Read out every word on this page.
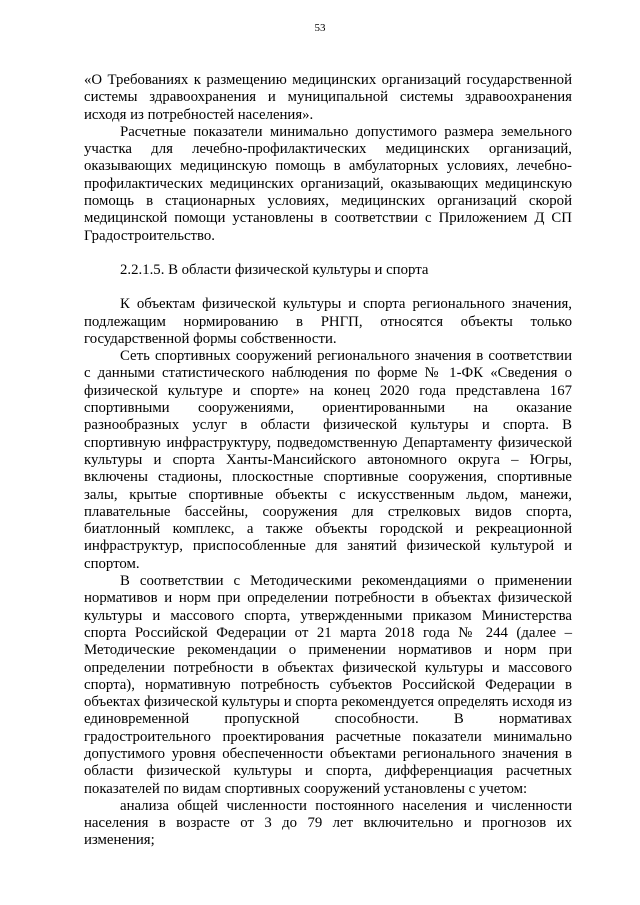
53

«О Требованиях к размещению медицинских организаций государственной системы здравоохранения и муниципальной системы здравоохранения исходя из потребностей населения».

Расчетные показатели минимально допустимого размера земельного участка для лечебно-профилактических медицинских организаций, оказывающих медицинскую помощь в амбулаторных условиях, лечебно-профилактических медицинских организаций, оказывающих медицинскую помощь в стационарных условиях, медицинских организаций скорой медицинской помощи установлены в соответствии с Приложением Д СП Градостроительство.

2.2.1.5. В области физической культуры и спорта

К объектам физической культуры и спорта регионального значения, подлежащим нормированию в РНГП, относятся объекты только государственной формы собственности.

Сеть спортивных сооружений регионального значения в соответствии с данными статистического наблюдения по форме № 1-ФК «Сведения о физической культуре и спорте» на конец 2020 года представлена 167 спортивными сооружениями, ориентированными на оказание разнообразных услуг в области физической культуры и спорта. В спортивную инфраструктуру, подведомственную Департаменту физической культуры и спорта Ханты-Мансийского автономного округа – Югры, включены стадионы, плоскостные спортивные сооружения, спортивные залы, крытые спортивные объекты с искусственным льдом, манежи, плавательные бассейны, сооружения для стрелковых видов спорта, биатлонный комплекс, а также объекты городской и рекреационной инфраструктур, приспособленные для занятий физической культурой и спортом.

В соответствии с Методическими рекомендациями о применении нормативов и норм при определении потребности в объектах физической культуры и массового спорта, утвержденными приказом Министерства спорта Российской Федерации от 21 марта 2018 года № 244 (далее – Методические рекомендации о применении нормативов и норм при определении потребности в объектах физической культуры и массового спорта), нормативную потребность субъектов Российской Федерации в объектах физической культуры и спорта рекомендуется определять исходя из единовременной пропускной способности. В нормативах градостроительного проектирования расчетные показатели минимально допустимого уровня обеспеченности объектами регионального значения в области физической культуры и спорта, дифференциация расчетных показателей по видам спортивных сооружений установлены с учетом:

анализа общей численности постоянного населения и численности населения в возрасте от 3 до 79 лет включительно и прогнозов их изменения;
